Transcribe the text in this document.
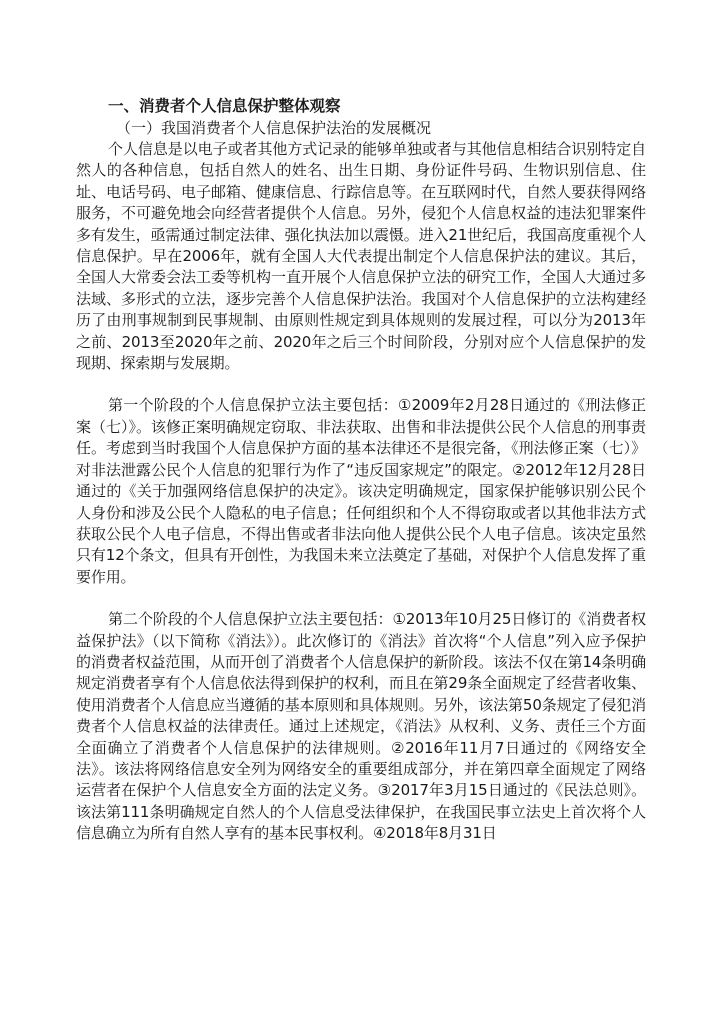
一、消费者个人信息保护整体观察
（一）我国消费者个人信息保护法治的发展概况

个人信息是以电子或者其他方式记录的能够单独或者与其他信息相结合识别特定自然人的各种信息，包括自然人的姓名、出生日期、身份证件号码、生物识别信息、住址、电话号码、电子邮箱、健康信息、行踪信息等。在互联网时代，自然人要获得网络服务，不可避免地会向经营者提供个人信息。另外，侵犯个人信息权益的违法犯罪案件多有发生，亟需通过制定法律、强化执法加以震慑。进入21世纪后，我国高度重视个人信息保护。早在2006年，就有全国人大代表提出制定个人信息保护法的建议。其后，全国人大常委会法工委等机构一直开展个人信息保护立法的研究工作，全国人大通过多法域、多形式的立法，逐步完善个人信息保护法治。我国对个人信息保护的立法构建经历了由刑事规制到民事规制、由原则性规定到具体规则的发展过程，可以分为2013年之前、2013至2020年之前、2020年之后三个时间阶段，分别对应个人信息保护的发现期、探索期与发展期。

第一个阶段的个人信息保护立法主要包括：①2009年2月28日通过的《刑法修正案（七）》。该修正案明确规定窃取、非法获取、出售和非法提供公民个人信息的刑事责任。考虑到当时我国个人信息保护方面的基本法律还不是很完备，《刑法修正案（七）》对非法泄露公民个人信息的犯罪行为作了“违反国家规定”的限定。②2012年12月28日通过的《关于加强网络信息保护的决定》。该决定明确规定，国家保护能够识别公民个人身份和涉及公民个人隐私的电子信息；任何组织和个人不得窃取或者以其他非法方式获取公民个人电子信息，不得出售或者非法向他人提供公民个人电子信息。该决定虽然只有12个条文，但具有开创性，为我国未来立法奠定了基础，对保护个人信息发挥了重要作用。

第二个阶段的个人信息保护立法主要包括：①2013年10月25日修订的《消费者权益保护法》（以下简称《消法》）。此次修订的《消法》首次将“个人信息”列入应予保护的消费者权益范围，从而开创了消费者个人信息保护的新阶段。该法不仅在第14条明确规定消费者享有个人信息依法得到保护的权利，而且在第29条全面规定了经营者收集、使用消费者个人信息应当遵循的基本原则和具体规则。另外，该法第50条规定了侵犯消费者个人信息权益的法律责任。通过上述规定，《消法》从权利、义务、责任三个方面全面确立了消费者个人信息保护的法律规则。②2016年11月7日通过的《网络安全法》。该法将网络信息安全列为网络安全的重要组成部分，并在第四章全面规定了网络运营者在保护个人信息安全方面的法定义务。③2017年3月15日通过的《民法总则》。该法第111条明确规定自然人的个人信息受法律保护，在我国民事立法史上首次将个人信息确立为所有自然人享有的基本民事权利。④2018年8月31日
